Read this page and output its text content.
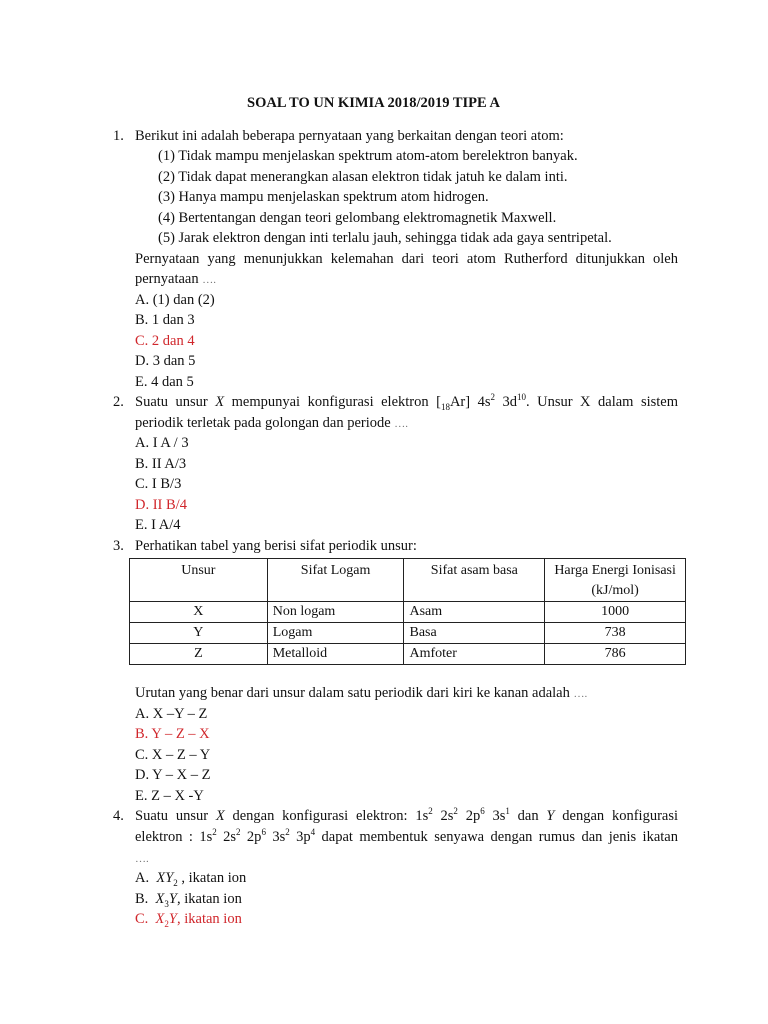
SOAL TO UN KIMIA 2018/2019 TIPE A
1. Berikut ini adalah beberapa pernyataan yang berkaitan dengan teori atom:
(1) Tidak mampu menjelaskan spektrum atom-atom berelektron banyak.
(2) Tidak dapat menerangkan alasan elektron tidak jatuh ke dalam inti.
(3) Hanya mampu menjelaskan spektrum atom hidrogen.
(4) Bertentangan dengan teori gelombang elektromagnetik Maxwell.
(5) Jarak elektron dengan inti terlalu jauh, sehingga tidak ada gaya sentripetal.
Pernyataan yang menunjukkan kelemahan dari teori atom Rutherford ditunjukkan oleh
pernyataan ….
A. (1) dan (2)
B. 1 dan 3
C. 2 dan 4
D. 3 dan 5
E. 4 dan 5
2. Suatu unsur X mempunyai konfigurasi elektron $[_{18}Ar]$ $4s^2$ $3d^{10}$. Unsur X dalam sistem
periodik terletak pada golongan dan periode ….
A. I A / 3
B. II A/3
C. I B/3
D. II B/4
E. I A/4
3. Perhatikan tabel yang berisi sifat periodik unsur:
Unsur	Sifat Logam	Sifat asam basa	Harga Energi Ionisasi (kJ/mol)
X	Non logam	Asam	1000
Y	Logam	Basa	738
Z	Metalloid	Amfoter	786
Urutan yang benar dari unsur dalam satu periodik dari kiri ke kanan adalah ….
A. X –Y – Z
B. Y – Z – X
C. X – Z – Y
D. Y – X – Z
E. Z – X -Y
4. Suatu unsur X dengan konfigurasi elektron: $1s^2$ $2s^2$ $2p^6$ $3s^1$ dan Y dengan konfigurasi
elektron : $1s^2$ $2s^2$ $2p^6$ $3s^2$ $3p^4$ dapat membentuk senyawa dengan rumus dan jenis ikatan
….
A. $XY_2$ , ikatan ion
B. $X_3Y$, ikatan ion
C. $X_2Y$, ikatan ion
